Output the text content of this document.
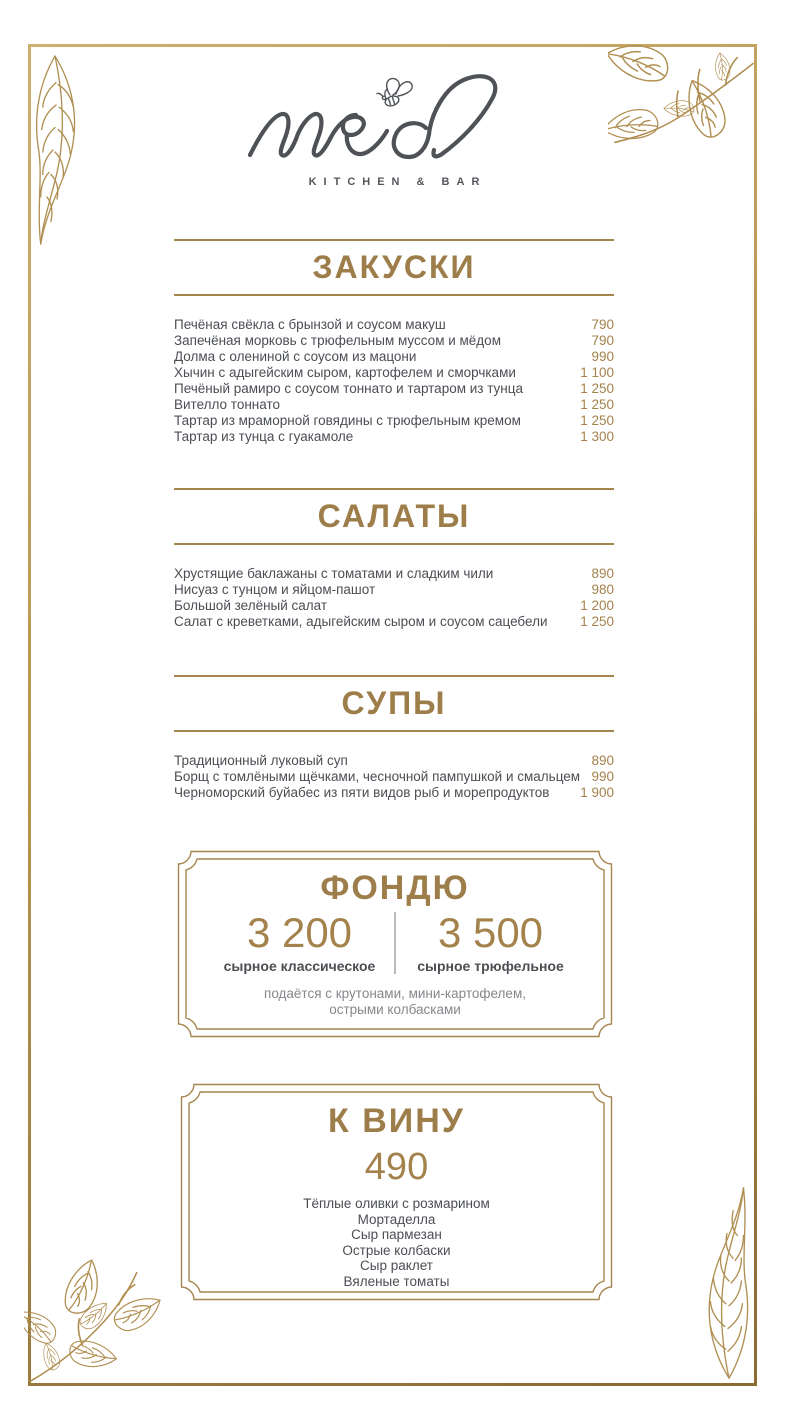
KITCHEN & BAR
ЗАКУСКИ
Печёная свёкла с брынзой и соусом макуш	790
Запечёная морковь с трюфельным муссом и мёдом	790
Долма с олениной с соусом из мацони	990
Хычин с адыгейским сыром, картофелем и сморчками	1 100
Печёный рамиро с соусом тоннато и тартаром из тунца	1 250
Вителло тоннато	1 250
Тартар из мраморной говядины с трюфельным кремом	1 250
Тартар из тунца с гуакамоле	1 300
САЛАТЫ
Хрустящие баклажаны с томатами и сладким чили	890
Нисуаз с тунцом и яйцом-пашот	980
Большой зелёный салат	1 200
Салат с креветками, адыгейским сыром и соусом сацебели 1 250
СУПЫ
Традиционный луковый суп	890
Борщ с томлёными щёчками, чесночной пампушкой и смальцем 990
Черноморский буйабес из пяти видов рыб и морепродуктов 1 900
ФОНДЮ
3 200
сырное классическое
3 500
сырное трюфельное
подаётся с крутонами, мини-картофелем,
острыми колбасками
К ВИНУ
490
Тёплые оливки с розмарином
Мортаделла
Сыр пармезан
Острые колбаски
Сыр раклет
Вяленые томаты
